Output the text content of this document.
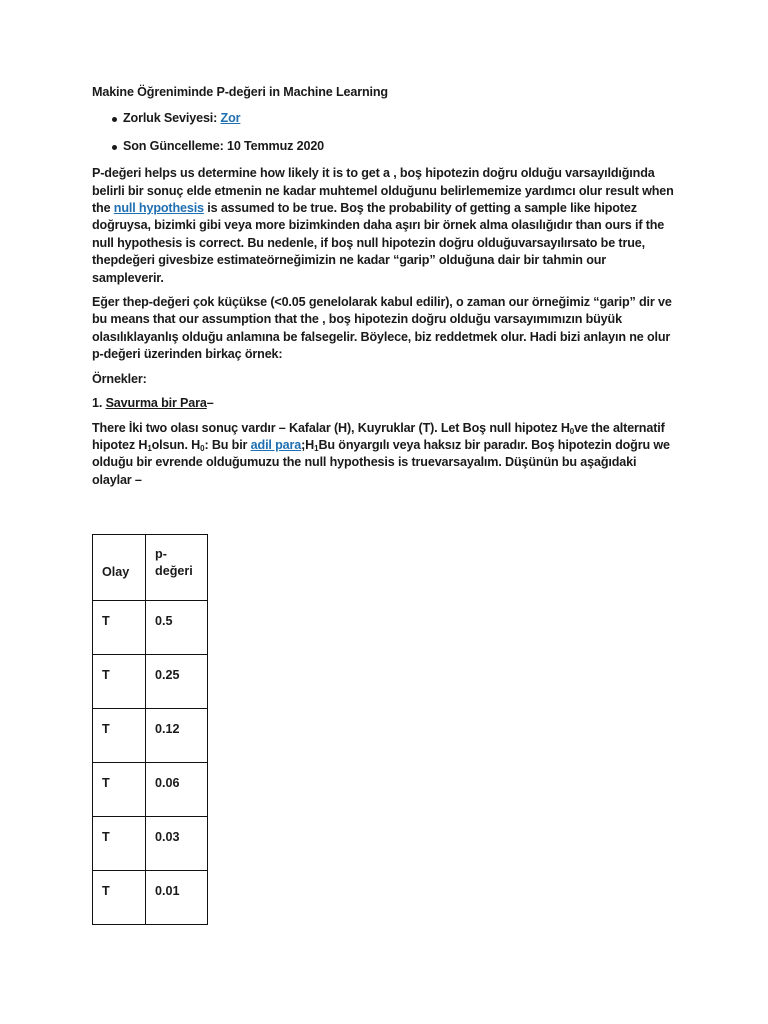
Makine Öğreniminde P-değeri in Machine Learning
Zorluk Seviyesi: Zor
Son Güncelleme: 10 Temmuz 2020

P-değeri helps us determine how likely it is to get a , boş hipotezin doğru olduğu varsayıldığında belirli bir sonuç elde etmenin ne kadar muhtemel olduğunu belirlememize yardımcı olur result when the null hypothesis is assumed to be true. Boş the probability of getting a sample like hipotez doğruysa, bizimki gibi veya more bizimkinden daha aşırı bir örnek alma olasılığıdır than ours if the null hypothesis is correct. Bu nedenle, if boş null hipotezin doğru olduğuvarsayılırsato be true, thepdeğeri givesbize estimateörneğimizin ne kadar “garip” olduğuna dair bir tahmin our sampleverir.

Eğer thep-değeri çok küçükse (<0.05 genelolarak kabul edilir), o zaman our örneğimiz “garip” dir ve bu means that our assumption that the , boş hipotezin doğru olduğu varsayımımızın büyük olasılıklayanlış olduğu anlamına be falsegelir. Böylece, biz reddetmek olur. Hadi bizi anlayın ne olur p-değeri üzerinden birkaç örnek:

Örnekler:
1. Savurma bir Para–

There İki two olası sonuç vardır – Kafalar (H), Kuyruklar (T). Let Boş null hipotez $H_0ve$ the alternatif hipotez $H_1olsun$. $H_0$: Bu bir adil $para;H_1Bu$ önyargılı veya haksız bir paradır. Boş hipotezin doğru we olduğu bir evrende olduğumuzu the null hypothesis is truevarsayalım. Düşünün bu aşağıdaki olaylar –

Olay	p-
değeri
T	0.5
T	0.25
T	0.12
T	0.06
T	0.03
T	0.01
